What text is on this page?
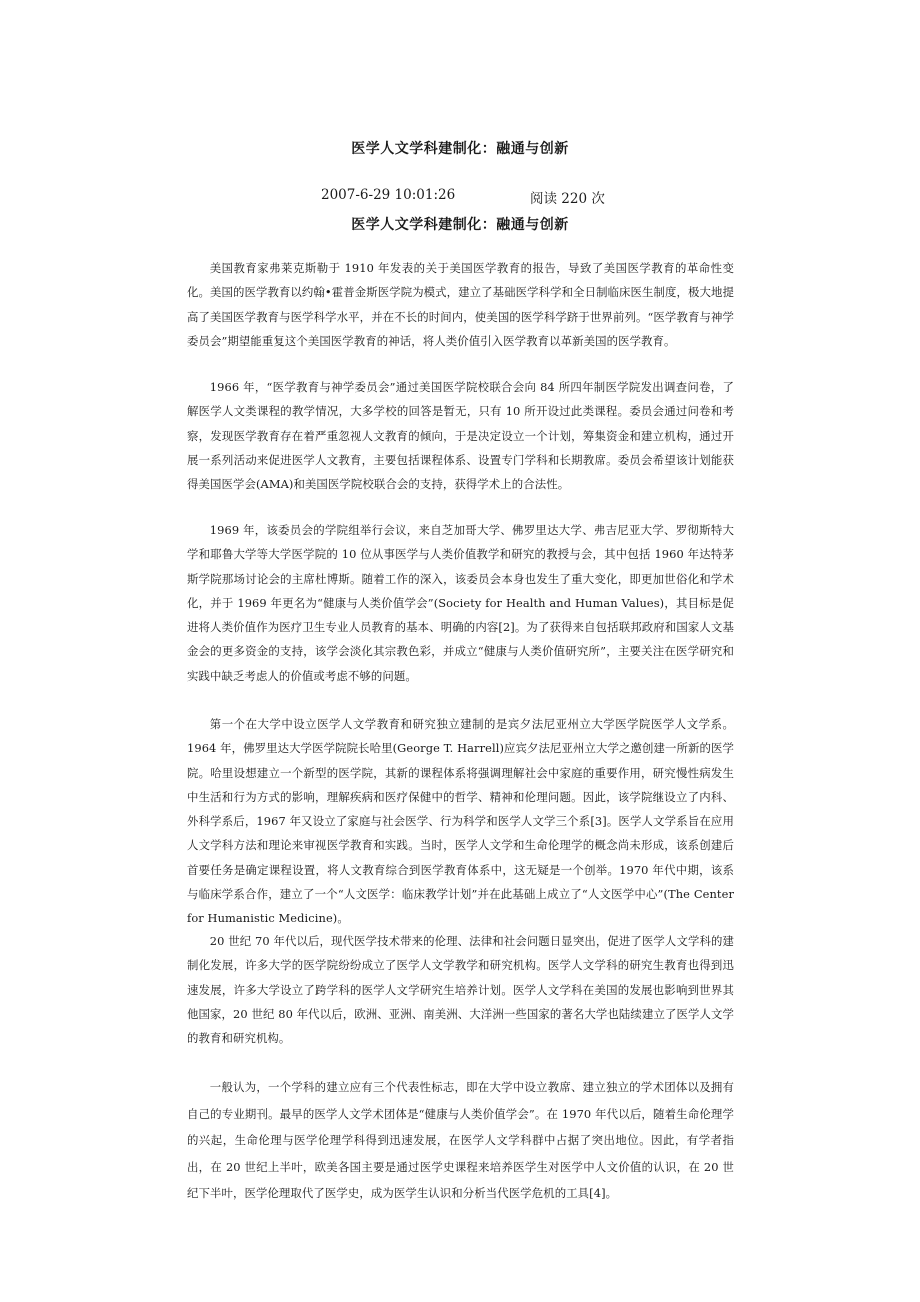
医学人文学科建制化：融通与创新
2007-6-29 10:01:26	阅读 220 次
医学人文学科建制化：融通与创新

美国教育家弗莱克斯勒于 1910 年发表的关于美国医学教育的报告，导致了美国医学教育的革命性变化。美国的医学教育以约翰•霍普金斯医学院为模式，建立了基础医学科学和全日制临床医生制度，极大地提高了美国医学教育与医学科学水平，并在不长的时间内，使美国的医学科学跻于世界前列。“医学教育与神学委员会”期望能重复这个美国医学教育的神话，将人类价值引入医学教育以革新美国的医学教育。

1966 年，“医学教育与神学委员会”通过美国医学院校联合会向 84 所四年制医学院发出调查问卷，了解医学人文类课程的教学情况，大多学校的回答是暂无，只有 10 所开设过此类课程。委员会通过问卷和考察，发现医学教育存在着严重忽视人文教育的倾向，于是决定设立一个计划，筹集资金和建立机构，通过开展一系列活动来促进医学人文教育，主要包括课程体系、设置专门学科和长期教席。委员会希望该计划能获得美国医学会(AMA)和美国医学院校联合会的支持，获得学术上的合法性。

1969 年，该委员会的学院组举行会议，来自芝加哥大学、佛罗里达大学、弗吉尼亚大学、罗彻斯特大学和耶鲁大学等大学医学院的 10 位从事医学与人类价值教学和研究的教授与会，其中包括 1960 年达特茅斯学院那场讨论会的主席杜博斯。随着工作的深入，该委员会本身也发生了重大变化，即更加世俗化和学术化，并于 1969 年更名为“健康与人类价值学会”(Society for Health and Human Values)，其目标是促进将人类价值作为医疗卫生专业人员教育的基本、明确的内容[2]。为了获得来自包括联邦政府和国家人文基金会的更多资金的支持，该学会淡化其宗教色彩，并成立“健康与人类价值研究所”，主要关注在医学研究和实践中缺乏考虑人的价值或考虑不够的问题。

第一个在大学中设立医学人文学教育和研究独立建制的是宾夕法尼亚州立大学医学院医学人文学系。1964 年，佛罗里达大学医学院院长哈里(George T. Harrell)应宾夕法尼亚州立大学之邀创建一所新的医学院。哈里设想建立一个新型的医学院，其新的课程体系将强调理解社会中家庭的重要作用，研究慢性病发生中生活和行为方式的影响，理解疾病和医疗保健中的哲学、精神和伦理问题。因此，该学院继设立了内科、外科学系后，1967 年又设立了家庭与社会医学、行为科学和医学人文学三个系[3]。医学人文学系旨在应用人文学科方法和理论来审视医学教育和实践。当时，医学人文学和生命伦理学的概念尚未形成，该系创建后首要任务是确定课程设置，将人文教育综合到医学教育体系中，这无疑是一个创举。1970 年代中期，该系与临床学系合作，建立了一个“人文医学：临床教学计划”并在此基础上成立了“人文医学中心”(The Center for Humanistic Medicine)。

20 世纪 70 年代以后，现代医学技术带来的伦理、法律和社会问题日显突出，促进了医学人文学科的建制化发展，许多大学的医学院纷纷成立了医学人文学教学和研究机构。医学人文学科的研究生教育也得到迅速发展，许多大学设立了跨学科的医学人文学研究生培养计划。医学人文学科在美国的发展也影响到世界其他国家，20 世纪 80 年代以后，欧洲、亚洲、南美洲、大洋洲一些国家的著名大学也陆续建立了医学人文学的教育和研究机构。

一般认为，一个学科的建立应有三个代表性标志，即在大学中设立教席、建立独立的学术团体以及拥有自己的专业期刊。最早的医学人文学术团体是“健康与人类价值学会”。在 1970 年代以后，随着生命伦理学的兴起，生命伦理与医学伦理学科得到迅速发展，在医学人文学科群中占据了突出地位。因此，有学者指出，在 20 世纪上半叶，欧美各国主要是通过医学史课程来培养医学生对医学中人文价值的认识，在 20 世纪下半叶，医学伦理取代了医学史，成为医学生认识和分析当代医学危机的工具[4]。
